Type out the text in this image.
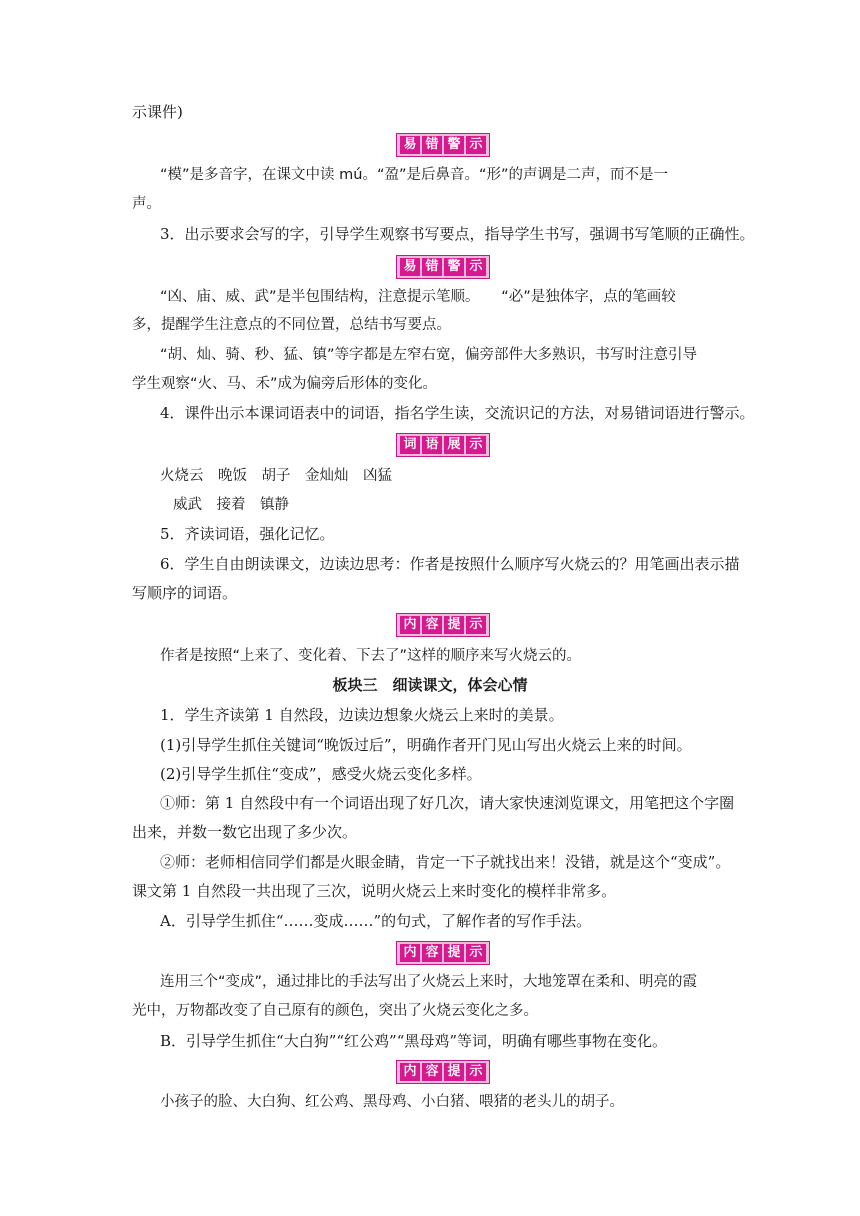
示课件)
易 错 警 示
“模”是多音字，在课文中读 mú。“盈”是后鼻音。“形”的声调是二声，而不是一
声。
3．出示要求会写的字，引导学生观察书写要点，指导学生书写，强调书写笔顺的正确性。
易 错 警 示
“凶、庙、威、武”是半包围结构，注意提示笔顺。　　“必”是独体字，点的笔画较
多，提醒学生注意点的不同位置，总结书写要点。
“胡、灿、骑、秒、猛、镇”等字都是左窄右宽，偏旁部件大多熟识，书写时注意引导
学生观察“火、马、禾”成为偏旁后形体的变化。
4．课件出示本课词语表中的词语，指名学生读，交流识记的方法，对易错词语进行警示。
词 语 展 示
火烧云　晚饭　胡子　金灿灿　凶猛
威武　接着　镇静
5．齐读词语，强化记忆。
6．学生自由朗读课文，边读边思考：作者是按照什么顺序写火烧云的？用笔画出表示描
写顺序的词语。
内 容 提 示
作者是按照“上来了、变化着、下去了”这样的顺序来写火烧云的。
板块三　细读课文，体会心情
1．学生齐读第 1 自然段，边读边想象火烧云上来时的美景。
(1)引导学生抓住关键词“晚饭过后”，明确作者开门见山写出火烧云上来的时间。
(2)引导学生抓住“变成”，感受火烧云变化多样。
①师：第 1 自然段中有一个词语出现了好几次，请大家快速浏览课文，用笔把这个字圈
出来，并数一数它出现了多少次。
②师：老师相信同学们都是火眼金睛，肯定一下子就找出来！没错，就是这个“变成”。
课文第 1 自然段一共出现了三次，说明火烧云上来时变化的模样非常多。
A．引导学生抓住“……变成……”的句式，了解作者的写作手法。
内 容 提 示
连用三个“变成”，通过排比的手法写出了火烧云上来时，大地笼罩在柔和、明亮的霞
光中，万物都改变了自己原有的颜色，突出了火烧云变化之多。
B．引导学生抓住“大白狗”“红公鸡”“黑母鸡”等词，明确有哪些事物在变化。
内 容 提 示
小孩子的脸、大白狗、红公鸡、黑母鸡、小白猪、喂猪的老头儿的胡子。
